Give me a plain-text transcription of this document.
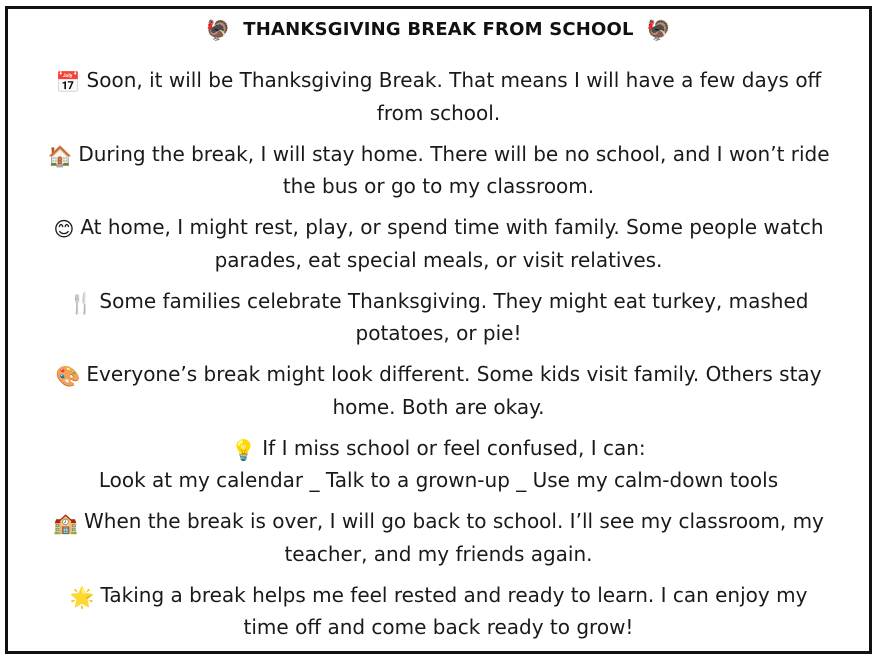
🦃 THANKSGIVING BREAK FROM SCHOOL 🦃

📅 Soon, it will be Thanksgiving Break. That means I will have a few days off
from school.

🏠 During the break, I will stay home. There will be no school, and I won’t ride
the bus or go to my classroom.

😊 At home, I might rest, play, or spend time with family. Some people watch
parades, eat special meals, or visit relatives.

🍴 Some families celebrate Thanksgiving. They might eat turkey, mashed
potatoes, or pie!

🎨 Everyone’s break might look different. Some kids visit family. Others stay
home. Both are okay.

💡 If I miss school or feel confused, I can:
Look at my calendar _ Talk to a grown-up _ Use my calm-down tools

🏫 When the break is over, I will go back to school. I’ll see my classroom, my
teacher, and my friends again.

🌟 Taking a break helps me feel rested and ready to learn. I can enjoy my
time off and come back ready to grow!
